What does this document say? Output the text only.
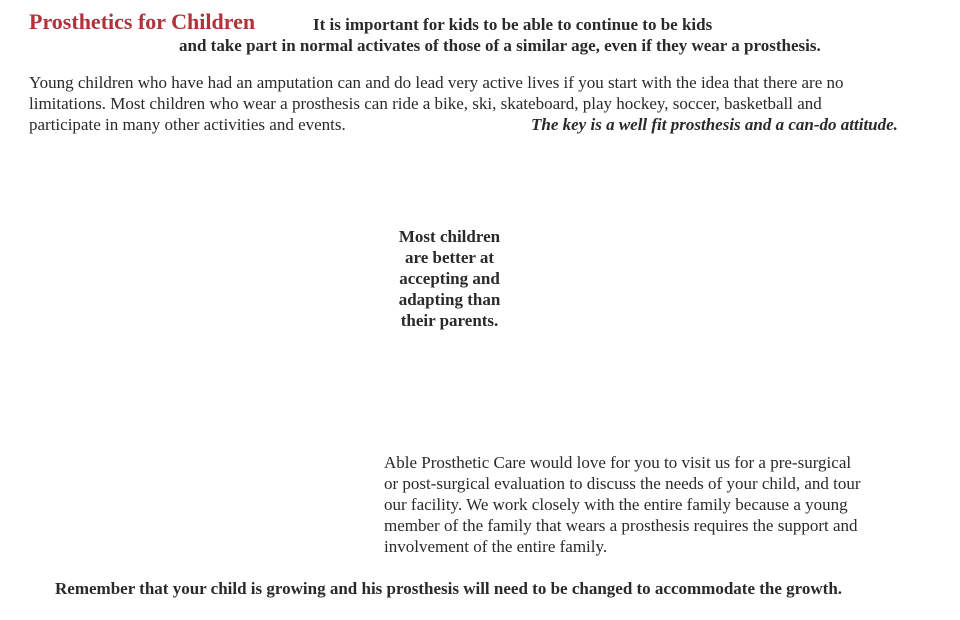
Prosthetics for Children	It is important for kids to be able to continue to be kids
and take part in normal activates of those of a similar age, even if they wear a prosthesis.
Young children who have had an amputation can and do lead very active lives if you start with the idea that there are no
limitations. Most children who wear a prosthesis can ride a bike, ski, skateboard, play hockey, soccer, basketball and
participate in many other activities and events.	The key is a well fit prosthesis and a can-do attitude.
Most children
are better at
accepting and
adapting than
their parents.
Able Prosthetic Care would love for you to visit us for a pre-surgical
or post-surgical evaluation to discuss the needs of your child, and tour
our facility. We work closely with the entire family because a young
member of the family that wears a prosthesis requires the support and
involvement of the entire family.
Remember that your child is growing and his prosthesis will need to be changed to accommodate the growth.
